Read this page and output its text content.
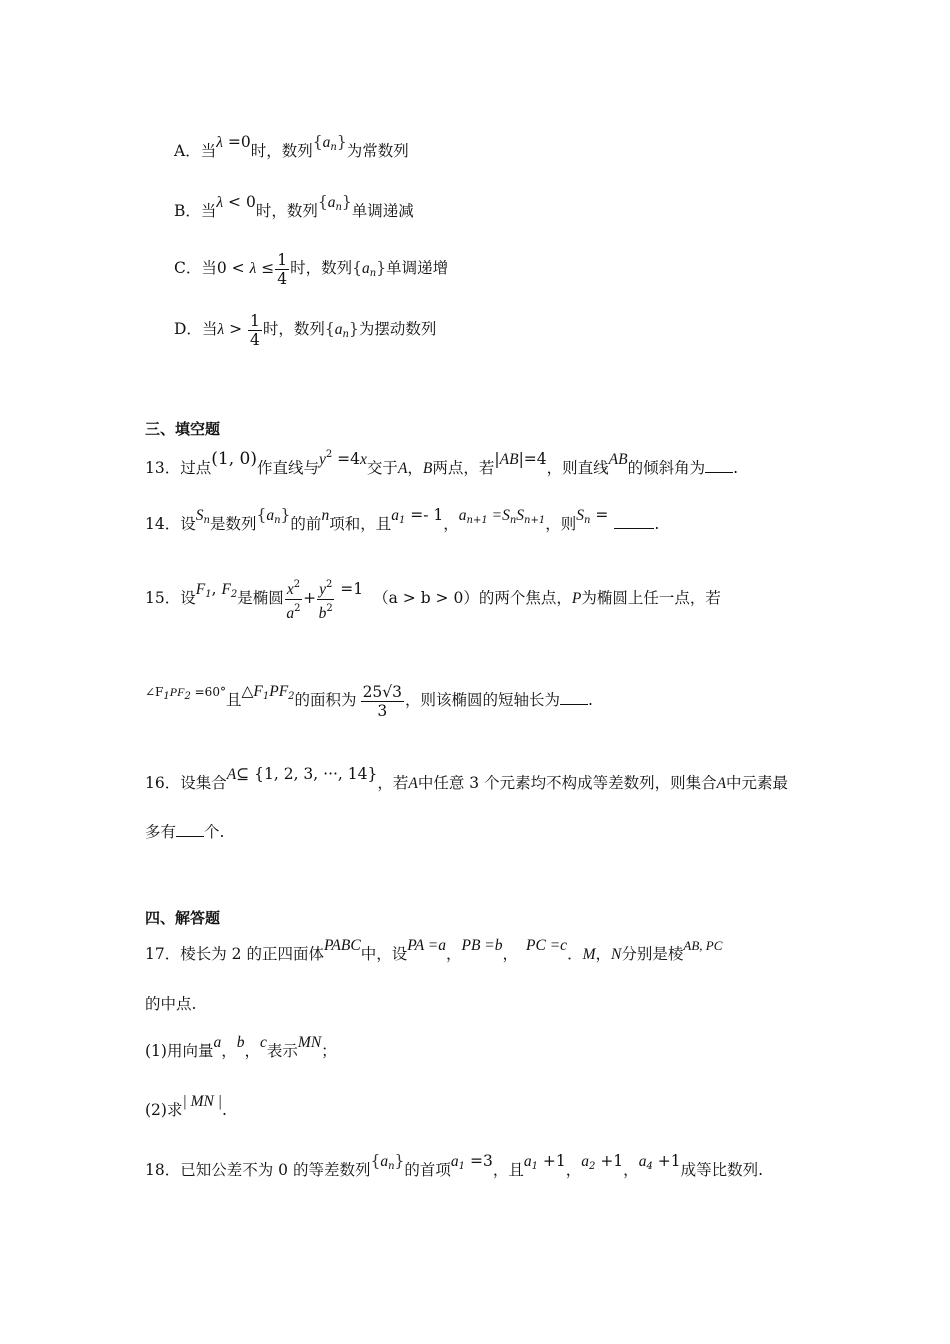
A．当λ =0时，数列$\{a_n\}$为常数列
B．当λ < 0时，数列$\{a_n\}$单调递减
C．当$0 < \lambda \le \frac{1}{4}$ 时，数列$\{a_n\}$单调递增
D．当$\lambda > \frac{1}{4}$ 时，数列$\{a_n\}$为摆动数列
三、填空题
13．过点(1, 0)作直线与$y^2 =4x$交于A，B两点，若|AB|=4，则直线AB的倾斜角为 .
14．设$S_n$是数列$\{a_n\}$的前n项和，且$a_1 =- 1$，$a_{n+1} =S_nS_{n+1}$，则$S_n$ =	.
15．设$F_1$, $F_2$是椭圆 $\frac{x^2}{a^2} + \frac{y^2}{b^2} =1$ （a > b > 0）的两个焦点，P为椭圆上任一点，若
$^{\angle F_1PF_2 =60^\circ}$且$\triangle F_1PF_2$的面积为 $\frac{25√3}{3}$ ，则该椭圆的短轴长为 .
16．设集合A⊆ {1, 2, 3, ···, 14}，若A中任意 3 个元素均不构成等差数列，则集合A中元素最
多有 个.
四、解答题
17．棱长为 2 的正四面体PABC中，设PA =a，PB =b， PC =c．M，N分别是棱$^{AB, PC}$
的中点.
(1)用向量a，b，c表示MN；
(2)求| MN |.
18．已知公差不为 0 的等差数列$\{a_n\}$的首项$a_1 =3$，且$a_1 +1$，$a_2 +1$，$a_4 +1$成等比数列.
